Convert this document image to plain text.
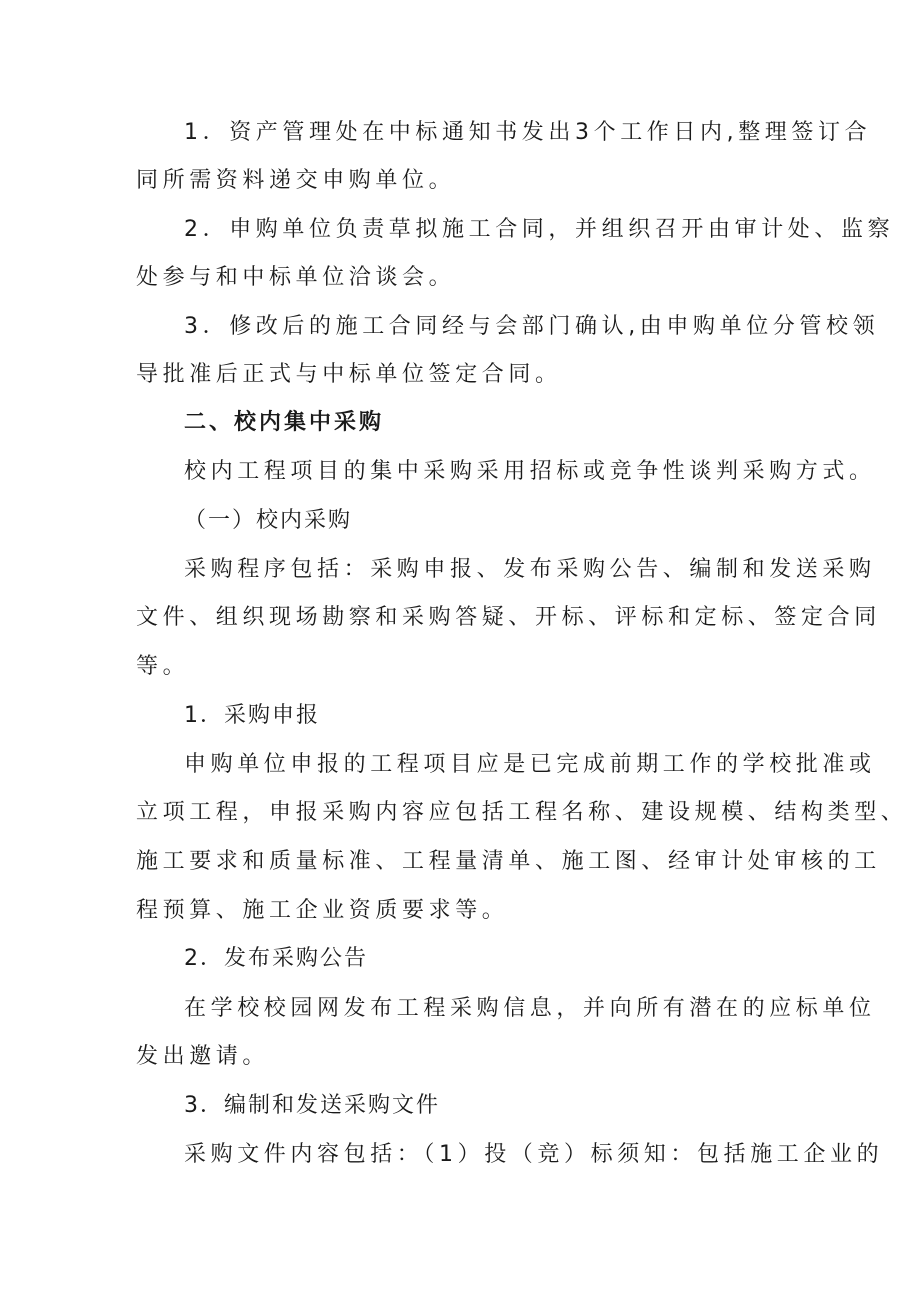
1．资产管理处在中标通知书发出3个工作日内,整理签订合
同所需资料递交申购单位。
2．申购单位负责草拟施工合同，并组织召开由审计处、监察
处参与和中标单位洽谈会。
3．修改后的施工合同经与会部门确认,由申购单位分管校领
导批准后正式与中标单位签定合同。
二、校内集中采购
校内工程项目的集中采购采用招标或竞争性谈判采购方式。
（一）校内采购
采购程序包括：采购申报、发布采购公告、编制和发送采购
文件、组织现场勘察和采购答疑、开标、评标和定标、签定合同
等。
1．采购申报
申购单位申报的工程项目应是已完成前期工作的学校批准或
立项工程，申报采购内容应包括工程名称、建设规模、结构类型、
施工要求和质量标准、工程量清单、施工图、经审计处审核的工
程预算、施工企业资质要求等。
2．发布采购公告
在学校校园网发布工程采购信息，并向所有潜在的应标单位
发出邀请。
3．编制和发送采购文件
采购文件内容包括：（1）投（竞）标须知：包括施工企业的
